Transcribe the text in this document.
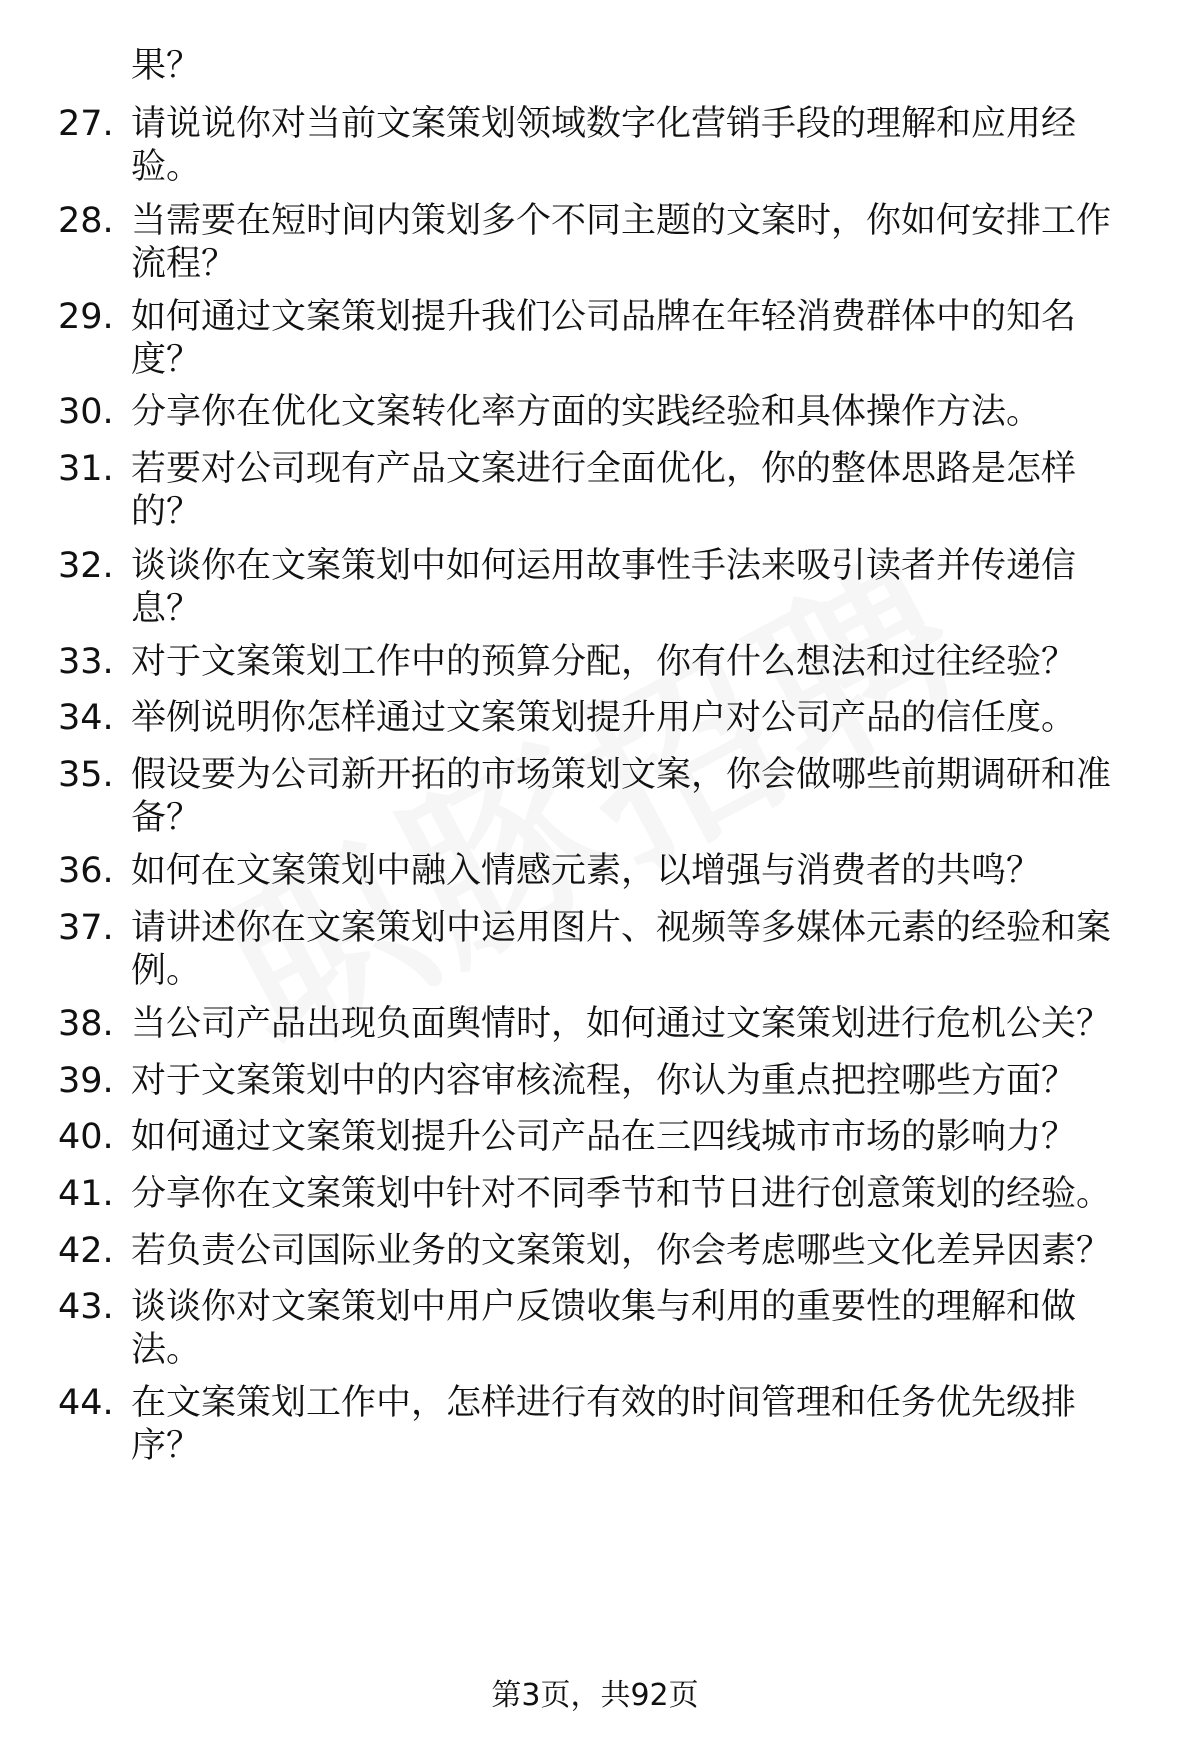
果？
27. 请说说你对当前文案策划领域数字化营销手段的理解和应用经
验。
28. 当需要在短时间内策划多个不同主题的文案时，你如何安排工作
流程？
29. 如何通过文案策划提升我们公司品牌在年轻消费群体中的知名
度？
30. 分享你在优化文案转化率方面的实践经验和具体操作方法。
31. 若要对公司现有产品文案进行全面优化，你的整体思路是怎样
的？
32. 谈谈你在文案策划中如何运用故事性手法来吸引读者并传递信
息？
33. 对于文案策划工作中的预算分配，你有什么想法和过往经验？
34. 举例说明你怎样通过文案策划提升用户对公司产品的信任度。
35. 假设要为公司新开拓的市场策划文案，你会做哪些前期调研和准
备？
36. 如何在文案策划中融入情感元素，以增强与消费者的共鸣？
37. 请讲述你在文案策划中运用图片、视频等多媒体元素的经验和案
例。
38. 当公司产品出现负面舆情时，如何通过文案策划进行危机公关？
39. 对于文案策划中的内容审核流程，你认为重点把控哪些方面？
40. 如何通过文案策划提升公司产品在三四线城市市场的影响力？
41. 分享你在文案策划中针对不同季节和节日进行创意策划的经验。
42. 若负责公司国际业务的文案策划，你会考虑哪些文化差异因素？
43. 谈谈你对文案策划中用户反馈收集与利用的重要性的理解和做
法。
44. 在文案策划工作中，怎样进行有效的时间管理和任务优先级排
序？
第3页，共92页
